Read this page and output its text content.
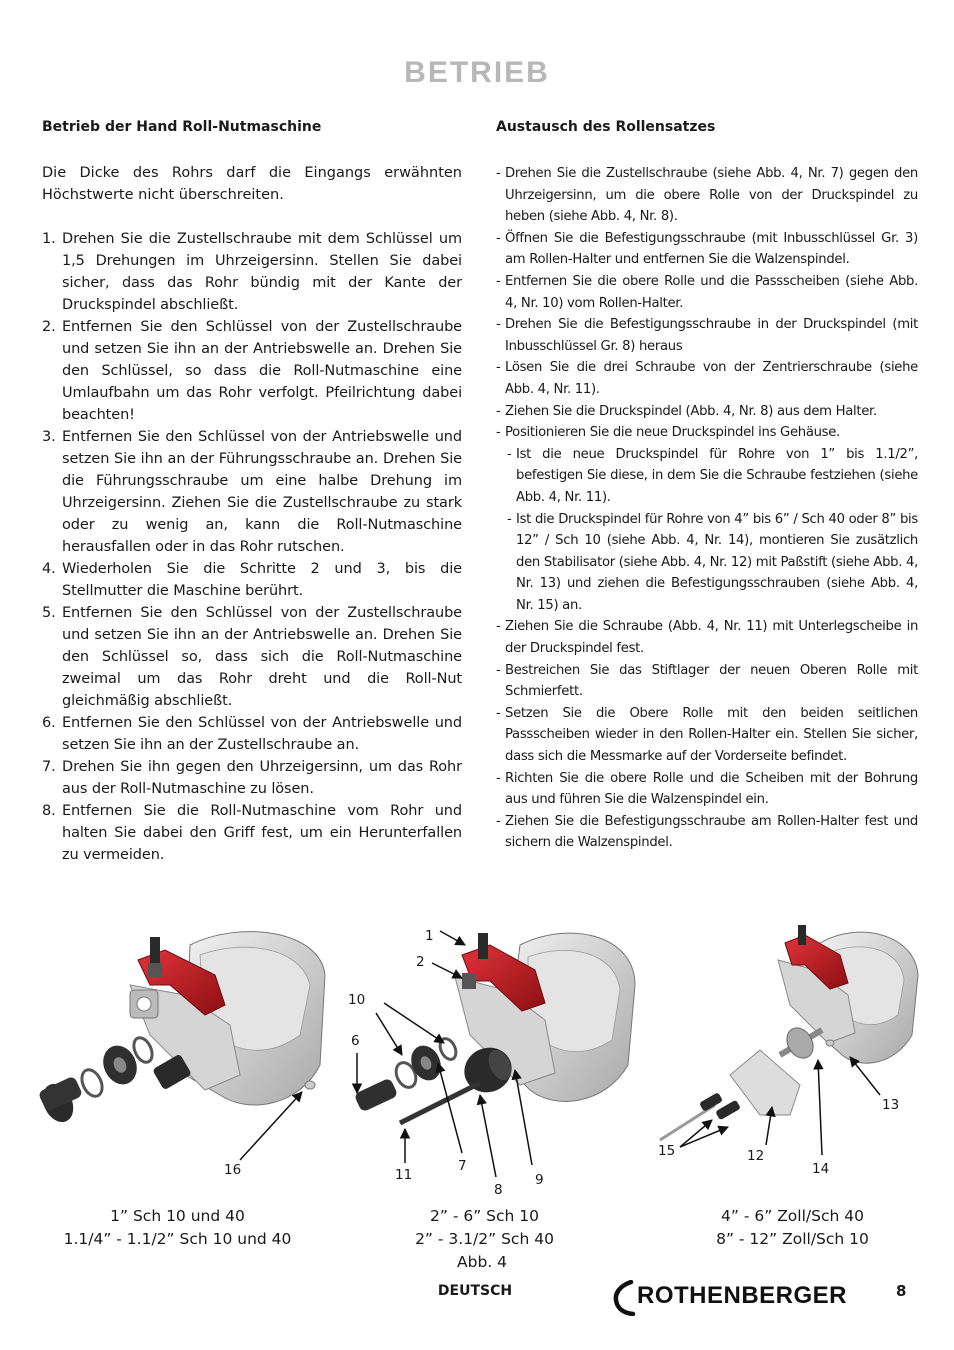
BETRIEB
Betrieb der Hand Roll-Nutmaschine

Die Dicke des Rohrs darf die Eingangs erwähnten Höchstwerte nicht überschreiten.

1. Drehen Sie die Zustellschraube mit dem Schlüssel um 1,5 Drehungen im Uhrzeigersinn. Stellen Sie dabei sicher, dass das Rohr bündig mit der Kante der Druckspindel abschließt.
2. Entfernen Sie den Schlüssel von der Zustellschraube und setzen Sie ihn an der Antriebswelle an. Drehen Sie den Schlüssel, so dass die Roll-Nutmaschine eine Umlaufbahn um das Rohr verfolgt. Pfeilrichtung dabei beachten!
3. Entfernen Sie den Schlüssel von der Antriebswelle und setzen Sie ihn an der Führungsschraube an. Drehen Sie die Führungsschraube um eine halbe Drehung im Uhrzeigersinn. Ziehen Sie die Zustellschraube zu stark oder zu wenig an, kann die Roll-Nutmaschine herausfallen oder in das Rohr rutschen.
4. Wiederholen Sie die Schritte 2 und 3, bis die Stellmutter die Maschine berührt.
5. Entfernen Sie den Schlüssel von der Zustellschraube und setzen Sie ihn an der Antriebswelle an. Drehen Sie den Schlüssel so, dass sich die Roll-Nutmaschine zweimal um das Rohr dreht und die Roll-Nut gleichmäßig abschließt.
6. Entfernen Sie den Schlüssel von der Antriebswelle und setzen Sie ihn an der Zustellschraube an.
7. Drehen Sie ihn gegen den Uhrzeigersinn, um das Rohr aus der Roll-Nutmaschine zu lösen.
8. Entfernen Sie die Roll-Nutmaschine vom Rohr und halten Sie dabei den Griff fest, um ein Herunterfallen zu vermeiden.
Austausch des Rollensatzes
- Drehen Sie die Zustellschraube (siehe Abb. 4, Nr. 7) gegen den Uhrzeigersinn, um die obere Rolle von der Druckspindel zu heben (siehe Abb. 4, Nr. 8).
- Öffnen Sie die Befestigungsschraube (mit Inbusschlüssel Gr. 3) am Rollen-Halter und entfernen Sie die Walzenspindel.
- Entfernen Sie die obere Rolle und die Passscheiben (siehe Abb. 4, Nr. 10) vom Rollen-Halter.
- Drehen Sie die Befestigungsschraube in der Druckspindel (mit Inbusschlüssel Gr. 8) heraus
- Lösen Sie die drei Schraube von der Zentrierschraube (siehe Abb. 4, Nr. 11).
- Ziehen Sie die Druckspindel (Abb. 4, Nr. 8) aus dem Halter.
- Positionieren Sie die neue Druckspindel ins Gehäuse.
- Ist die neue Druckspindel für Rohre von 1” bis 1.1/2”, befestigen Sie diese, in dem Sie die Schraube festziehen (siehe Abb. 4, Nr. 11).
- Ist die Druckspindel für Rohre von 4” bis 6” / Sch 40 oder 8” bis 12” / Sch 10 (siehe Abb. 4, Nr. 14), montieren Sie zusätzlich den Stabilisator (siehe Abb. 4, Nr. 12) mit Paßstift (siehe Abb. 4, Nr. 13) und ziehen die Befestigungsschrauben (siehe Abb. 4, Nr. 15) an.
- Ziehen Sie die Schraube (Abb. 4, Nr. 11) mit Unterlegscheibe in der Druckspindel fest.
- Bestreichen Sie das Stiftlager der neuen Oberen Rolle mit Schmierfett.
- Setzen Sie die Obere Rolle mit den beiden seitlichen Passscheiben wieder in den Rollen-Halter ein. Stellen Sie sicher, dass sich die Messmarke auf der Vorderseite befindet.
- Richten Sie die obere Rolle und die Scheiben mit der Bohrung aus und führen Sie die Walzenspindel ein.
- Ziehen Sie die Befestigungsschraube am Rollen-Halter fest und sichern die Walzenspindel.
16
1
2
10
6
11
7
8
9
15	12
14
13
1” Sch 10 und 40
1.1/4” - 1.1/2” Sch 10 und 40
2” - 6” Sch 10
2” - 3.1/2” Sch 40
4” - 6” Zoll/Sch 40
8” - 12” Zoll/Sch 10
Abb. 4
DEUTSCH	ROTHENBERGER	8
